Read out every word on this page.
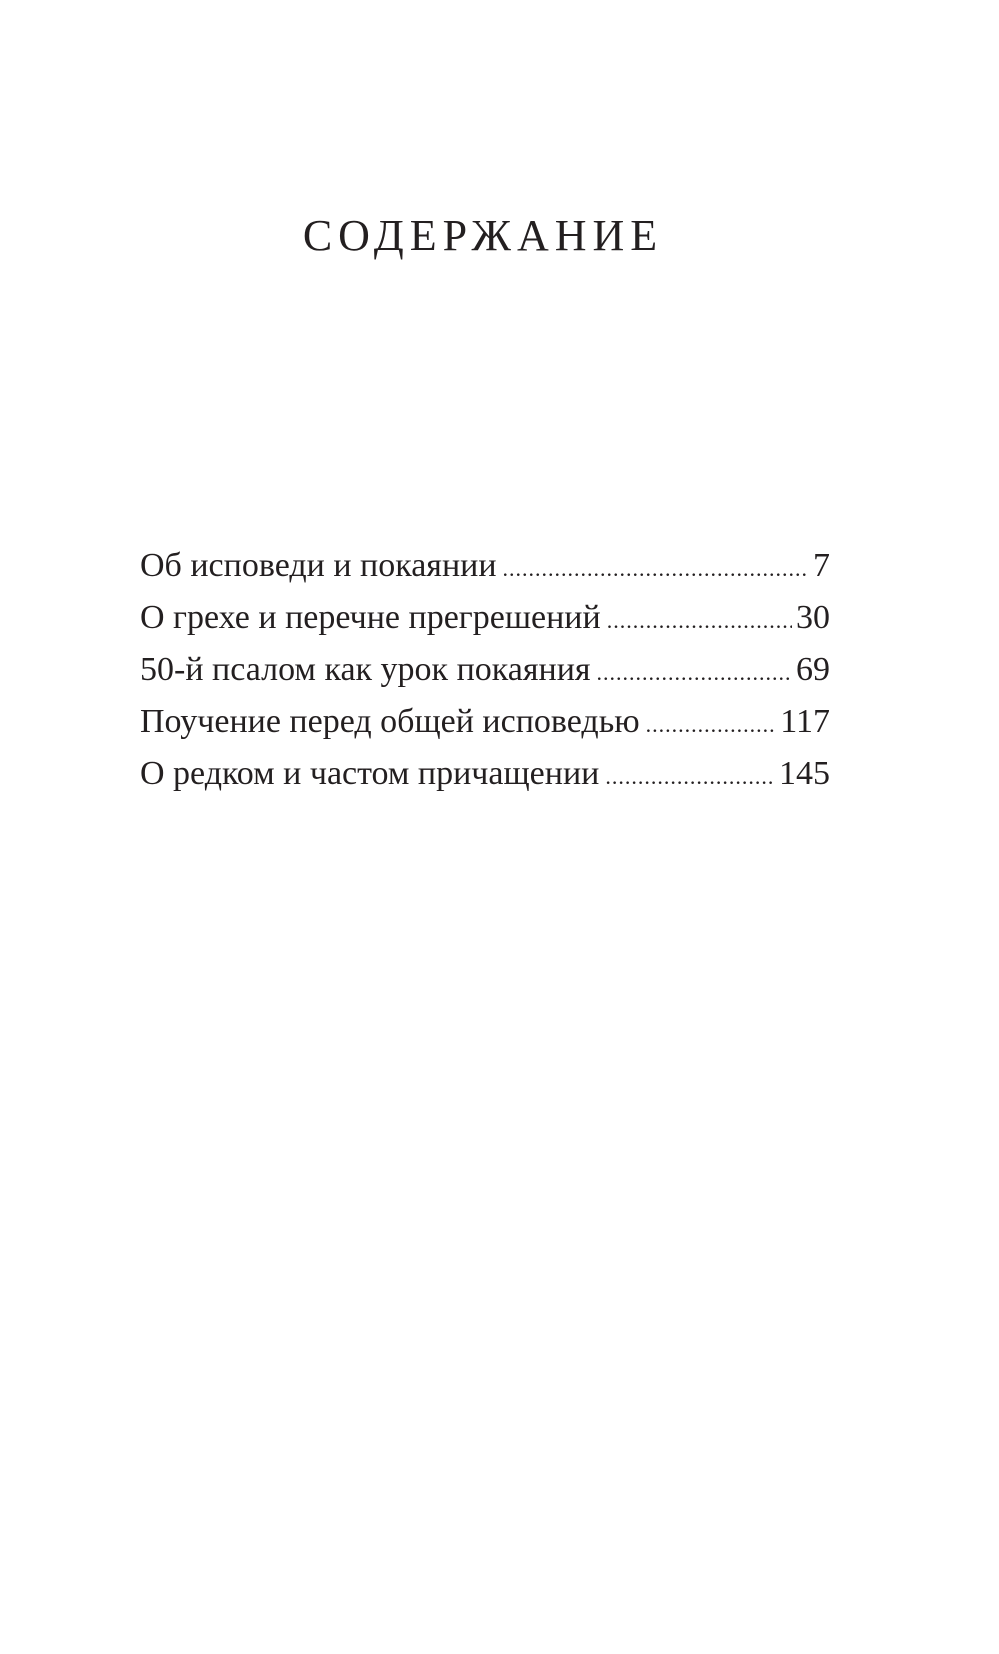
СОДЕРЖАНИЕ
Об исповеди и покаянии .....	7
О грехе и перечне прегрешений .....	30
50-й псалом как урок покаяния .....	69
Поучение перед общей исповедью .....	117
О редком и частом причащении .....	145
